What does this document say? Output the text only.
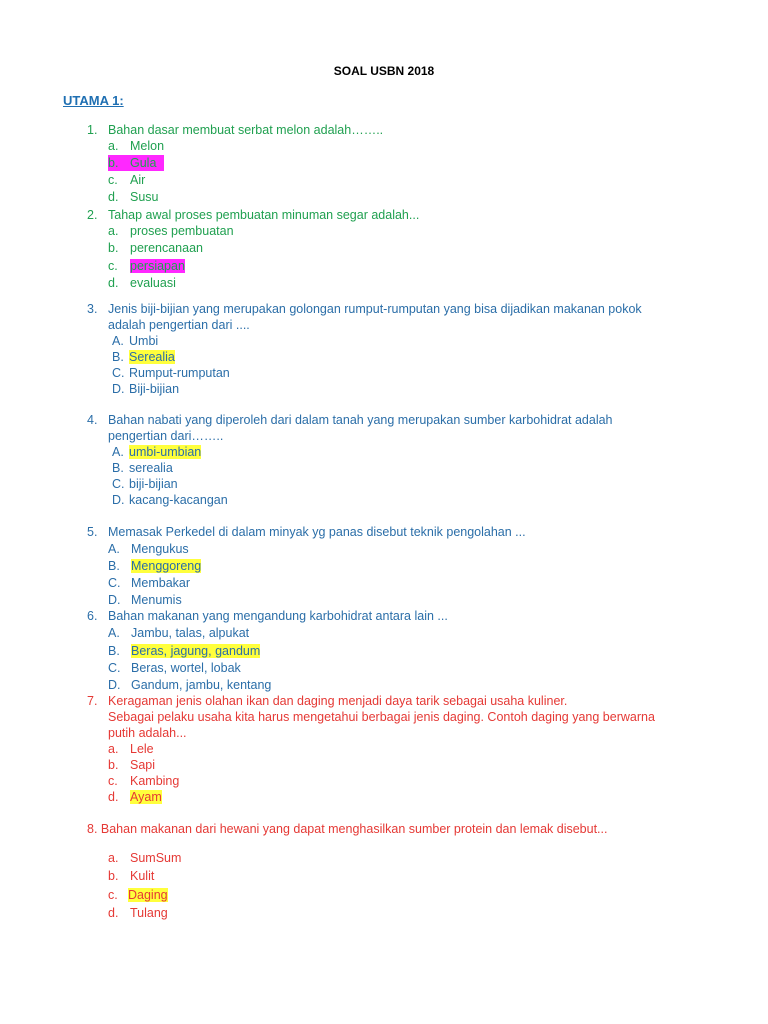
SOAL USBN 2018
UTAMA 1:
1. Bahan dasar membuat serbat melon adalah……..
a. Melon
b. Gula
c. Air
d. Susu
2. Tahap awal proses pembuatan minuman segar adalah...
a. proses pembuatan
b. perencanaan
c. persiapan
d. evaluasi
3. Jenis biji-bijian yang merupakan golongan rumput-rumputan yang bisa dijadikan makanan pokok
adalah pengertian dari ....
A. Umbi
B. Serealia
C. Rumput-rumputan
D. Biji-bijian
4. Bahan nabati yang diperoleh dari dalam tanah yang merupakan sumber karbohidrat adalah
pengertian dari……..
A. umbi-umbian
B. serealia
C. biji-bijian
D. kacang-kacangan
5. Memasak Perkedel di dalam minyak yg panas disebut teknik pengolahan ...
A. Mengukus
B. Menggoreng
C. Membakar
D. Menumis
6. Bahan makanan yang mengandung karbohidrat antara lain ...
A. Jambu, talas, alpukat
B. Beras, jagung, gandum
C. Beras, wortel, lobak
D. Gandum, jambu, kentang
7. Keragaman jenis olahan ikan dan daging menjadi daya tarik sebagai usaha kuliner.
Sebagai pelaku usaha kita harus mengetahui berbagai jenis daging. Contoh daging yang berwarna
putih adalah...
a. Lele
b. Sapi
c. Kambing
d. Ayam
8. Bahan makanan dari hewani yang dapat menghasilkan sumber protein dan lemak disebut...
a. SumSum
b. Kulit
c. Daging
d. Tulang
